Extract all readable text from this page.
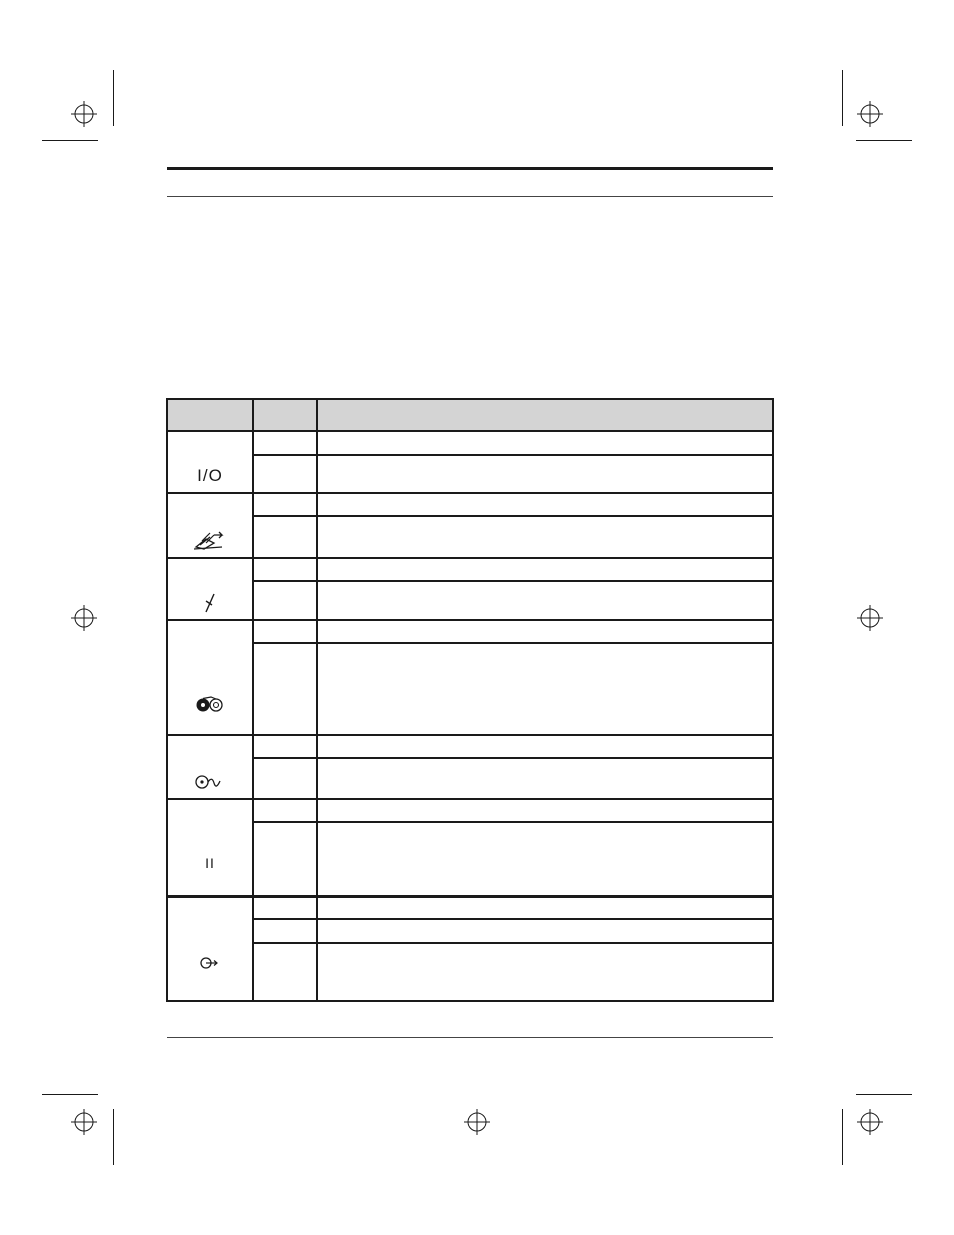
I/O
II
